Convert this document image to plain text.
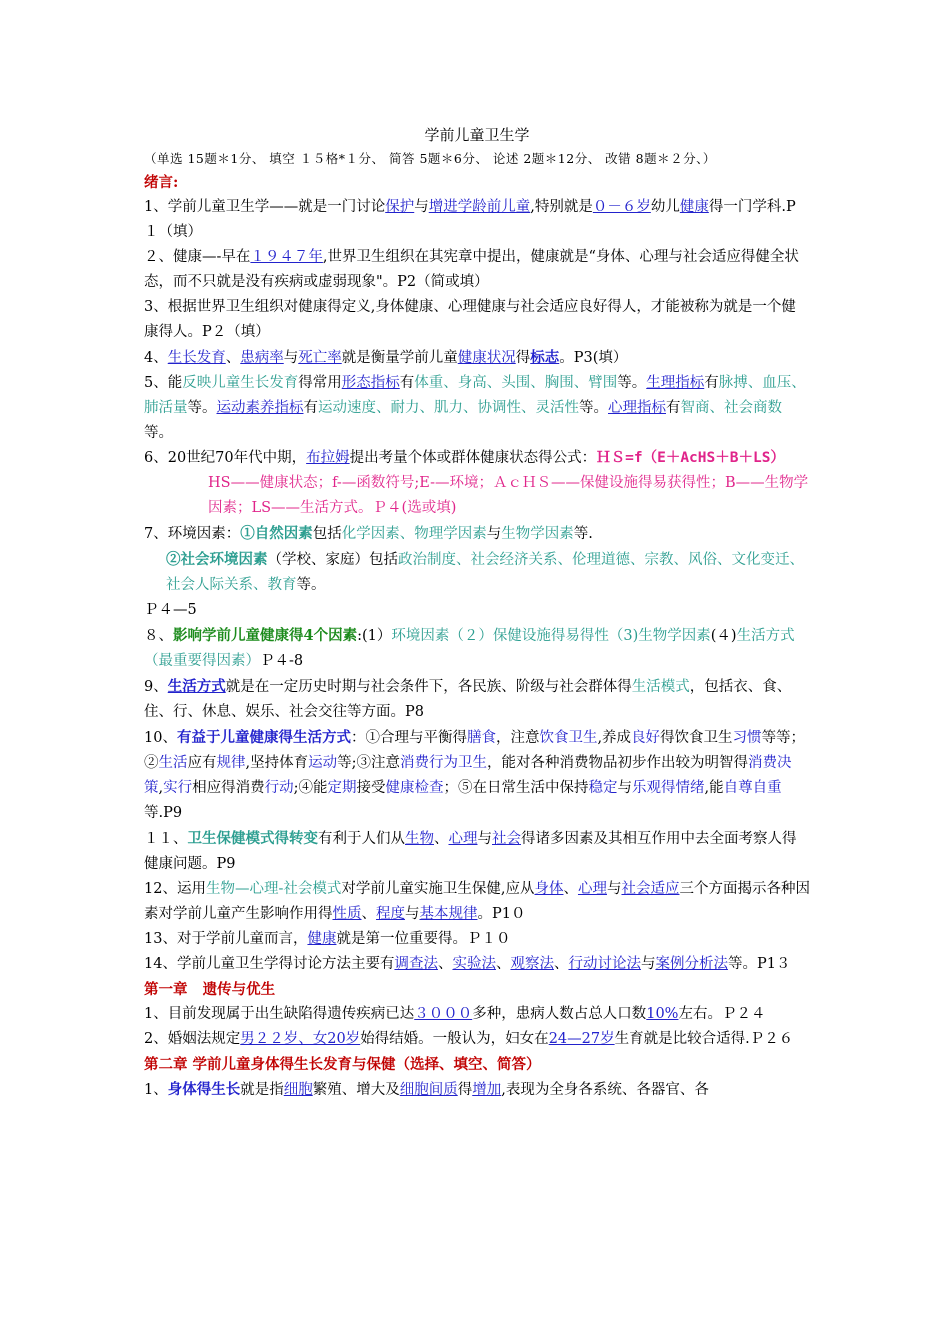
学前儿童卫生学
（单选 15题＊1分、 填空 １５格*１分、 简答 5题＊6分、 论述 2题＊12分、 改错 8题＊２分、）
绪言:

1、学前儿童卫生学——就是一门讨论保护与增进学龄前儿童,特别就是０－６岁幼儿健康得一门学科.P１（填）

２、健康—-早在１９４７年,世界卫生组织在其宪章中提出，健康就是“身体、心理与社会适应得健全状态，而不只就是没有疾病或虚弱现象"。P2（简或填）

3、根据世界卫生组织对健康得定义,身体健康、心理健康与社会适应良好得人，才能被称为就是一个健康得人。P２（填）

4、生长发育、患病率与死亡率就是衡量学前儿童健康状况得标志。P3(填）

5、能反映儿童生长发育得常用形态指标有体重、身高、头围、胸围、臂围等。生理指标有脉搏、血压、肺活量等。运动素养指标有运动速度、耐力、肌力、协调性、灵活性等。心理指标有智商、社会商数等。

6、20世纪70年代中期，布拉姆提出考量个体或群体健康状态得公式：ＨＳ=f（E＋AcHS＋B＋LS）

HS——健康状态；f-—函数符号;E-—环境；ＡｃＨＳ——保健设施得易获得性；B——生物学因素；LS——生活方式。Ｐ４(选或填)

7、环境因素：①自然因素包括化学因素、物理学因素与生物学因素等.

②社会环境因素（学校、家庭）包括政治制度、社会经济关系、伦理道德、宗教、风俗、文化变迁、社会人际关系、教育等。

Ｐ４—5

８、影响学前儿童健康得4个因素:(1）环境因素（２）保健设施得易得性（3)生物学因素(４)生活方式（最重要得因素）Ｐ４-8

9、生活方式就是在一定历史时期与社会条件下，各民族、阶级与社会群体得生活模式，包括衣、食、住、行、休息、娱乐、社会交往等方面。P8

10、有益于儿童健康得生活方式：①合理与平衡得膳食，注意饮食卫生,养成良好得饮食卫生习惯等等；②生活应有规律,坚持体育运动等;③注意消费行为卫生，能对各种消费物品初步作出较为明智得消费决策,实行相应得消费行动;④能定期接受健康检查；⑤在日常生活中保持稳定与乐观得情绪,能自尊自重等.P9

１１、卫生保健模式得转变有利于人们从生物、心理与社会得诸多因素及其相互作用中去全面考察人得健康问题。P9

12、运用生物—心理-社会模式对学前儿童实施卫生保健,应从身体、心理与社会适应三个方面揭示各种因素对学前儿童产生影响作用得性质、程度与基本规律。P1０

13、对于学前儿童而言，健康就是第一位重要得。Ｐ１０

14、学前儿童卫生学得讨论方法主要有调查法、实验法、观察法、行动讨论法与案例分析法等。P1３

第一章   遗传与优生

1、目前发现属于出生缺陷得遗传疾病已达３０００多种，患病人数占总人口数10%左右。Ｐ２４

2、婚姻法规定男２２岁、女20岁始得结婚。一般认为，妇女在24—27岁生育就是比较合适得.Ｐ２６

第二章 学前儿童身体得生长发育与保健（选择、填空、简答）

1、身体得生长就是指细胞繁殖、增大及细胞间质得增加,表现为全身各系统、各器官、各
